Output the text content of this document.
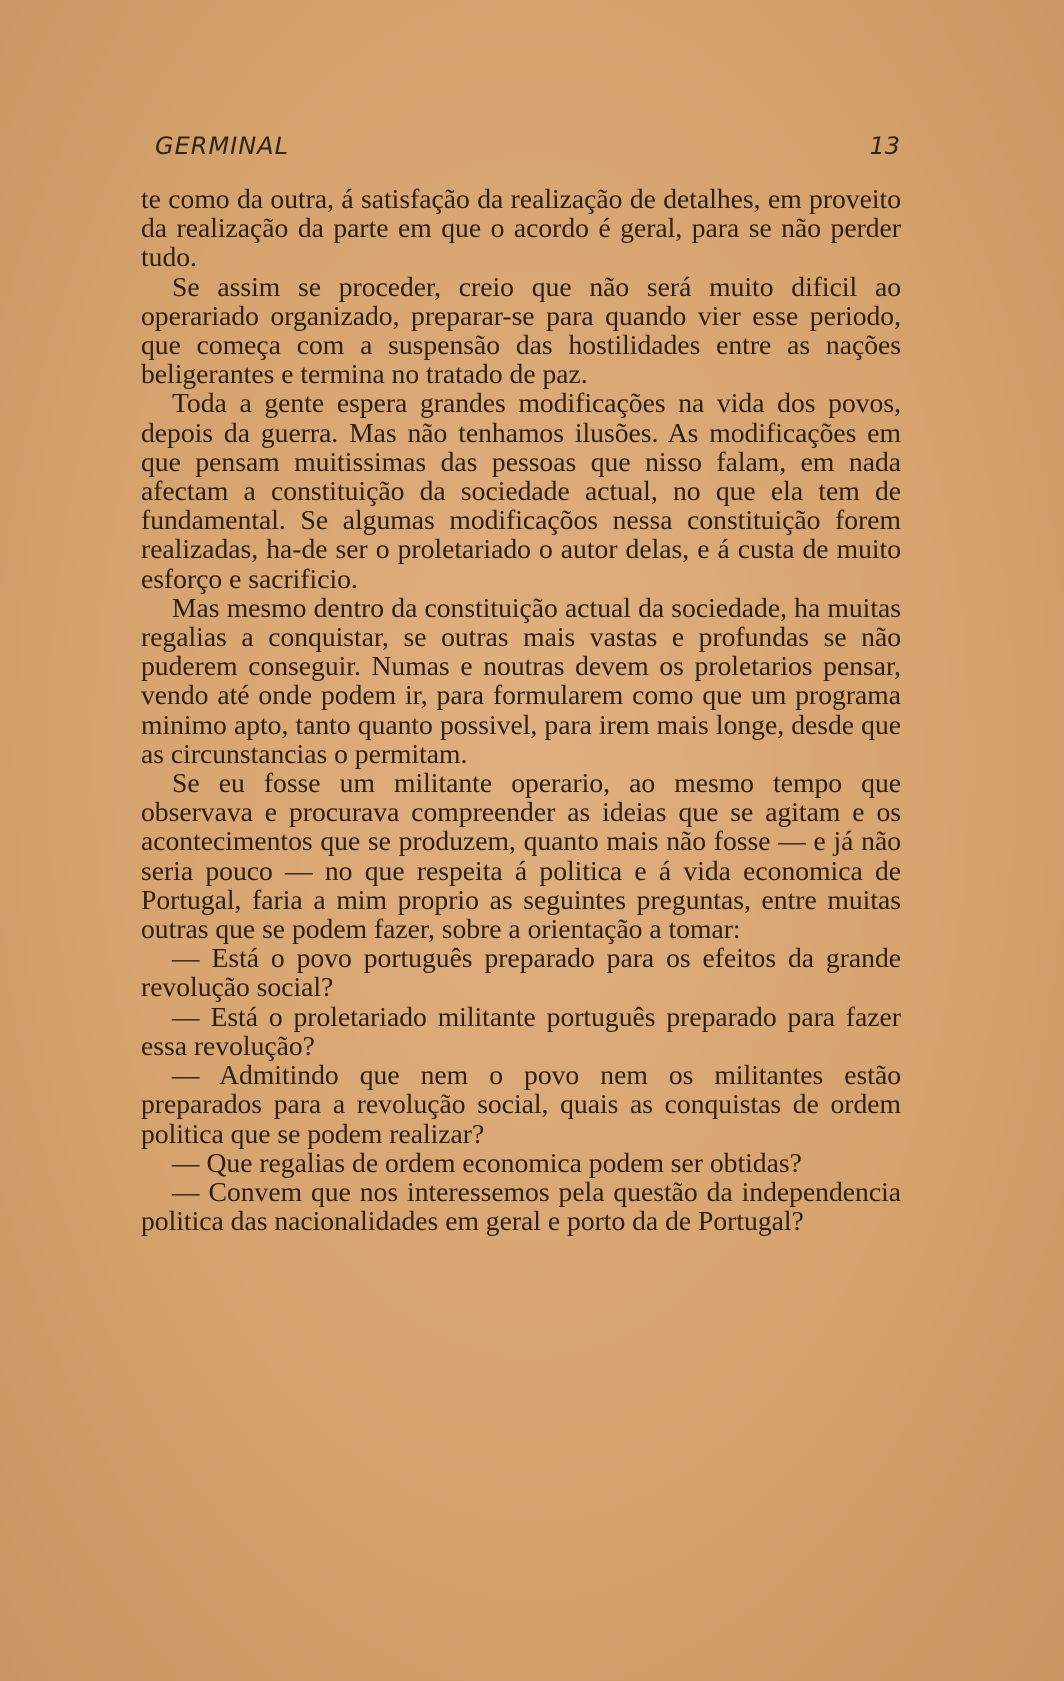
GERMINAL	13

te como da outra, á satisfação da realização de detalhes, em proveito da realização da parte em que o acordo é geral, para se não perder tudo.

Se assim se proceder, creio que não será muito dificil ao operariado organizado, preparar-se para quando vier esse periodo, que começa com a suspensão das hostilidades entre as nações beligerantes e termina no tratado de paz.

Toda a gente espera grandes modificações na vida dos povos, depois da guerra. Mas não tenhamos ilusões. As modificações em que pensam muitissimas das pessoas que nisso falam, em nada afectam a constituição da sociedade actual, no que ela tem de fundamental. Se algumas modificaçõos nessa constituição forem realizadas, ha-de ser o proletariado o autor delas, e á custa de muito esforço e sacrificio.

Mas mesmo dentro da constituição actual da sociedade, ha muitas regalias a conquistar, se outras mais vastas e profundas se não puderem conseguir. Numas e noutras devem os proletarios pensar, vendo até onde podem ir, para formularem como que um programa minimo apto, tanto quanto possivel, para irem mais longe, desde que as circunstancias o permitam.

Se eu fosse um militante operario, ao mesmo tempo que observava e procurava compreender as ideias que se agitam e os acontecimentos que se produzem, quanto mais não fosse — e já não seria pouco — no que respeita á politica e á vida economica de Portugal, faria a mim proprio as seguintes preguntas, entre muitas outras que se podem fazer, sobre a orientação a tomar:

— Está o povo português preparado para os efeitos da grande revolução social?

— Está o proletariado militante português preparado para fazer essa revolução?

— Admitindo que nem o povo nem os militantes estão preparados para a revolução social, quais as conquistas de ordem politica que se podem realizar?

— Que regalias de ordem economica podem ser obtidas?

— Convem que nos interessemos pela questão da independencia politica das nacionalidades em geral e porto da de Portugal?
